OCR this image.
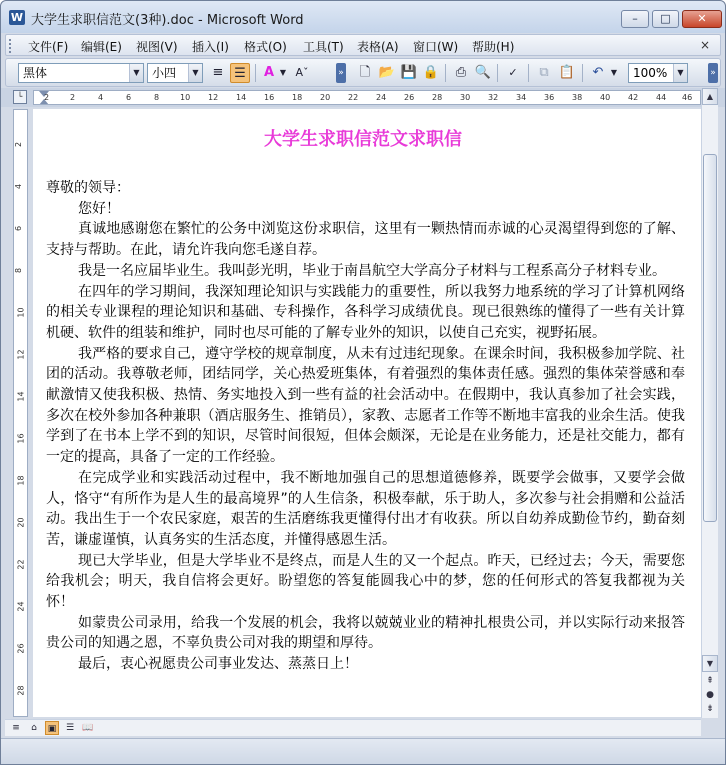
W 大学生求职信范文(3种).doc - Microsoft Word	–	□	✕
文件(F) 编辑(E) 视图(V) 插入(I) 格式(O) 工具(T) 表格(A) 窗口(W) 帮助(H)	×
黑体	▼	小四	▼	≡ ☰	A ▼ Aˇ	»	🗋 📂 💾 🔒	⎙ 🔍	✓	⧉ 📋	↶ ▼	100%	▼	»
└	2	4	6	8	10 12 14 16 18 20 22 24 26 28 30 32 34 36 38 40 42 44 46
2
2
4
6
8
10
12
14
16
18
20
22
24
26
28
大学生求职信范文求职信

尊敬的领导：

您好！

真诚地感谢您在繁忙的公务中浏览这份求职信，这里有一颗热情而赤诚的心灵渴望得到您的了解、支持与帮助。在此，请允许我向您毛遂自荐。

我是一名应届毕业生。我叫彭光明，毕业于南昌航空大学高分子材料与工程系高分子材料专业。

在四年的学习期间，我深知理论知识与实践能力的重要性，所以我努力地系统的学习了计算机网络的相关专业课程的理论知识和基础、专科操作，各科学习成绩优良。现已很熟练的懂得了一些有关计算机硬、软件的组装和维护，同时也尽可能的了解专业外的知识，以使自己充实，视野拓展。

我严格的要求自己，遵守学校的规章制度，从未有过违纪现象。在课余时间，我积极参加学院、社团的活动。我尊敬老师，团结同学，关心热爱班集体，有着强烈的集体责任感。强烈的集体荣誉感和奉献激情又使我积极、热情、务实地投入到一些有益的社会活动中。在假期中，我认真参加了社会实践，多次在校外参加各种兼职（酒店服务生、推销员），家教、志愿者工作等不断地丰富我的业余生活。使我学到了在书本上学不到的知识，尽管时间很短，但体会颇深，无论是在业务能力，还是社交能力，都有一定的提高，具备了一定的工作经验。

在完成学业和实践活动过程中，我不断地加强自己的思想道德修养，既要学会做事，又要学会做人，恪守“有所作为是人生的最高境界”的人生信条，积极奉献，乐于助人，多次参与社会捐赠和公益活动。我出生于一个农民家庭，艰苦的生活磨练我更懂得付出才有收获。所以自幼养成勤俭节约，勤奋刻苦，谦虚谨慎，认真务实的生活态度，并懂得感恩生活。

现已大学毕业，但是大学毕业不是终点，而是人生的又一个起点。昨天，已经过去；今天，需要您给我机会；明天，我自信将会更好。盼望您的答复能圆我心中的梦，您的任何形式的答复我都视为关怀！

如蒙贵公司录用，给我一个发展的机会，我将以兢兢业业的精神扎根贵公司，并以实际行动来报答贵公司的知遇之恩，不辜负贵公司对我的期望和厚待。

最后，衷心祝愿贵公司事业发达、蒸蒸日上！

▲
⇞
●
⇟
▼
≡	⌂	▣	☰ 📖
